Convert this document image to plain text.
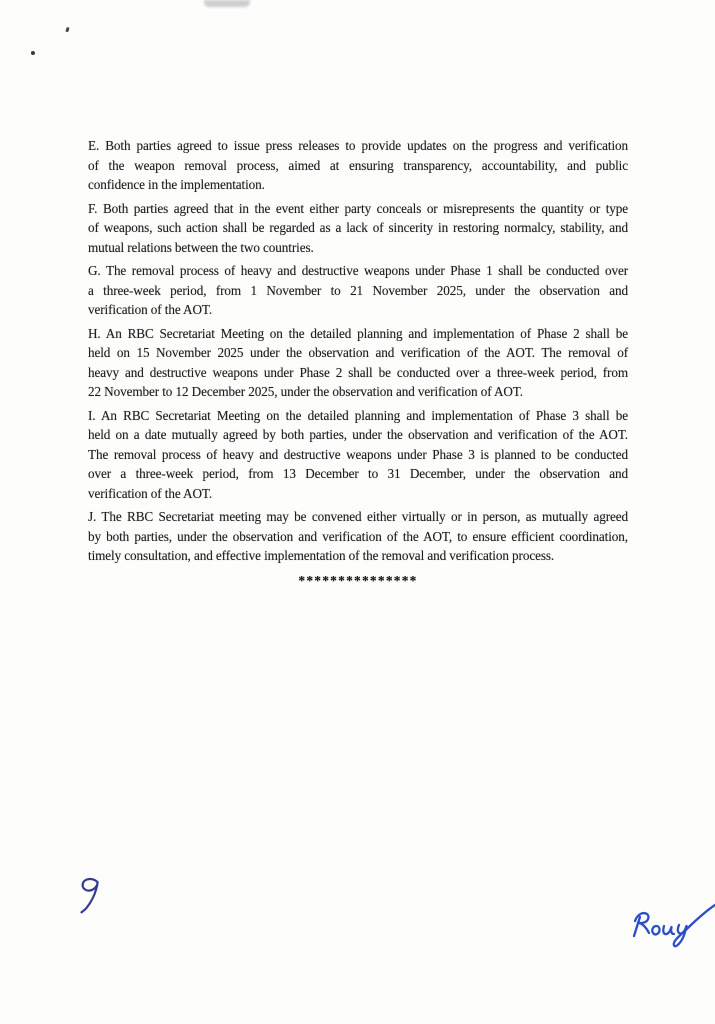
E. Both parties agreed to issue press releases to provide updates on the progress and verification

of the weapon removal process, aimed at ensuring transparency, accountability, and public

confidence in the implementation.

F. Both parties agreed that in the event either party conceals or misrepresents the quantity or type

of weapons, such action shall be regarded as a lack of sincerity in restoring normalcy, stability, and

mutual relations between the two countries.

G. The removal process of heavy and destructive weapons under Phase 1 shall be conducted over

a three-week period, from 1 November to 21 November 2025, under the observation and

verification of the AOT.

H. An RBC Secretariat Meeting on the detailed planning and implementation of Phase 2 shall be

held on 15 November 2025 under the observation and verification of the AOT. The removal of

heavy and destructive weapons under Phase 2 shall be conducted over a three-week period, from

22 November to 12 December 2025, under the observation and verification of AOT.

I. An RBC Secretariat Meeting on the detailed planning and implementation of Phase 3 shall be

held on a date mutually agreed by both parties, under the observation and verification of the AOT.

The removal process of heavy and destructive weapons under Phase 3 is planned to be conducted

over a three-week period, from 13 December to 31 December, under the observation and

verification of the AOT.

J. The RBC Secretariat meeting may be convened either virtually or in person, as mutually agreed

by both parties, under the observation and verification of the AOT, to ensure efficient coordination,

timely consultation, and effective implementation of the removal and verification process.

***************
